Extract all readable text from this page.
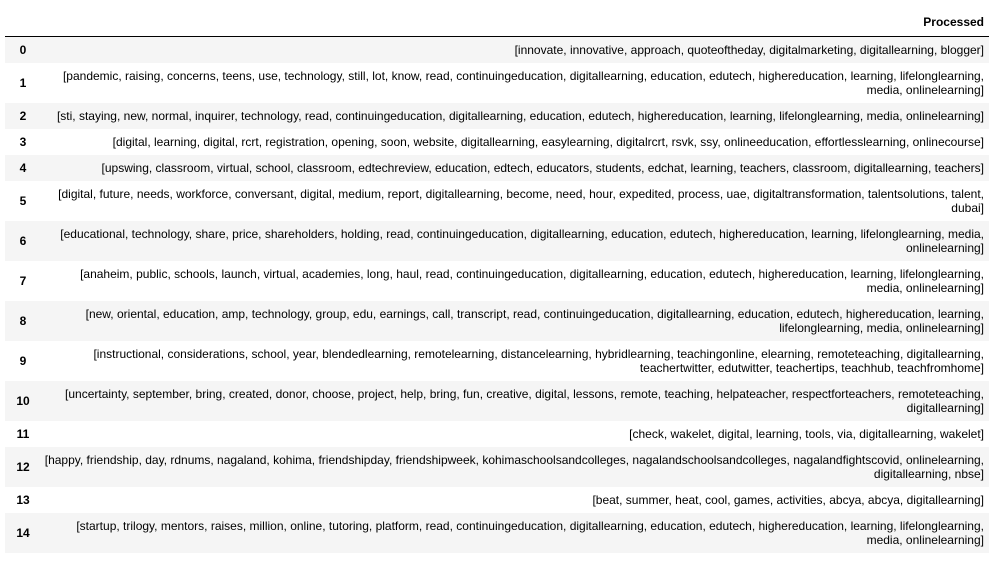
	Processed
0	[innovate, innovative, approach, quoteoftheday, digitalmarketing, digitallearning, blogger]
1	[pandemic, raising, concerns, teens, use, technology, still, lot, know, read, continuingeducation, digitallearning, education, edutech, highereducation, learning, lifelonglearning, media, onlinelearning]
2	[sti, staying, new, normal, inquirer, technology, read, continuingeducation, digitallearning, education, edutech, highereducation, learning, lifelonglearning, media, onlinelearning]
3	[digital, learning, digital, rcrt, registration, opening, soon, website, digitallearning, easylearning, digitalrcrt, rsvk, ssy, onlineeducation, effortlesslearning, onlinecourse]
4	[upswing, classroom, virtual, school, classroom, edtechreview, education, edtech, educators, students, edchat, learning, teachers, classroom, digitallearning, teachers]
5	[digital, future, needs, workforce, conversant, digital, medium, report, digitallearning, become, need, hour, expedited, process, uae, digitaltransformation, talentsolutions, talent, dubai]
6	[educational, technology, share, price, shareholders, holding, read, continuingeducation, digitallearning, education, edutech, highereducation, learning, lifelonglearning, media, onlinelearning]
7	[anaheim, public, schools, launch, virtual, academies, long, haul, read, continuingeducation, digitallearning, education, edutech, highereducation, learning, lifelonglearning, media, onlinelearning]
8	[new, oriental, education, amp, technology, group, edu, earnings, call, transcript, read, continuingeducation, digitallearning, education, edutech, highereducation, learning, lifelonglearning, media, onlinelearning]
9	[instructional, considerations, school, year, blendedlearning, remotelearning, distancelearning, hybridlearning, teachingonline, elearning, remoteteaching, digitallearning, teachertwitter, edutwitter, teachertips, teachhub, teachfromhome]
10	[uncertainty, september, bring, created, donor, choose, project, help, bring, fun, creative, digital, lessons, remote, teaching, helpateacher, respectforteachers, remoteteaching, digitallearning]
11	[check, wakelet, digital, learning, tools, via, digitallearning, wakelet]
12	[happy, friendship, day, rdnums, nagaland, kohima, friendshipday, friendshipweek, kohimaschoolsandcolleges, nagalandschoolsandcolleges, nagalandfightscovid, onlinelearning, digitallearning, nbse]
13	[beat, summer, heat, cool, games, activities, abcya, abcya, digitallearning]
14	[startup, trilogy, mentors, raises, million, online, tutoring, platform, read, continuingeducation, digitallearning, education, edutech, highereducation, learning, lifelonglearning, media, onlinelearning]
